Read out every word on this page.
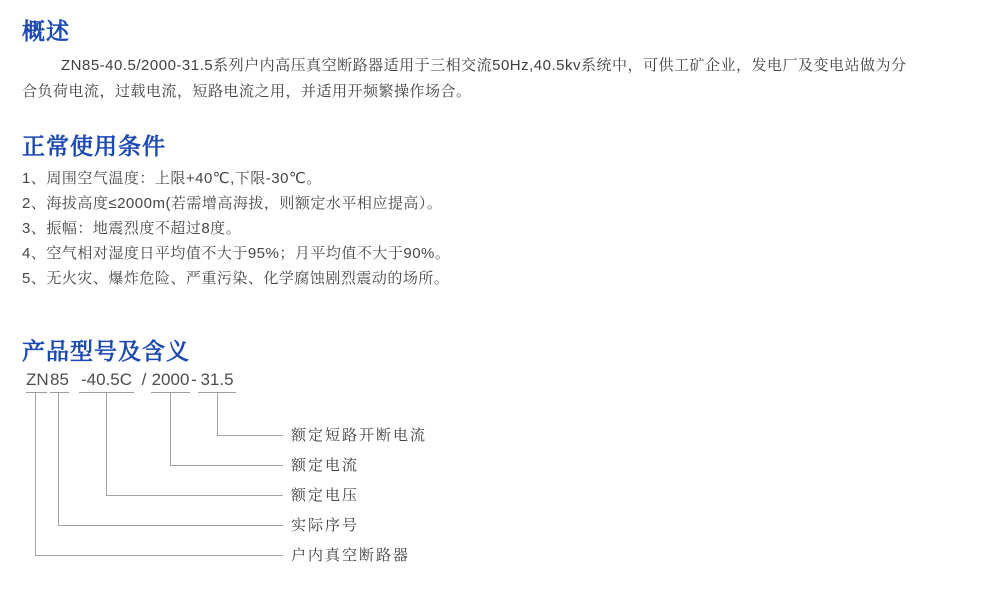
概述

ZN85-40.5/2000-31.5系列户内高压真空断路器适用于三相交流50Hz,40.5kv系统中，可供工矿企业，发电厂及变电站做为分
合负荷电流，过载电流，短路电流之用，并适用开频繁操作场合。

正常使用条件
1、周围空气温度：上限+40℃,下限-30℃。
2、海拔高度≤2000m(若需增高海拔，则额定水平相应提高）。
3、振幅：地震烈度不超过8度。
4、空气相对湿度日平均值不大于95%；月平均值不大于90%。
5、无火灾、爆炸危险、严重污染、化学腐蚀剧烈震动的场所。
产品型号及含义
ZN 85 -40.5C / 2000 - 31.5
额定短路开断电流
额定电流
额定电压
实际序号
户内真空断路器
